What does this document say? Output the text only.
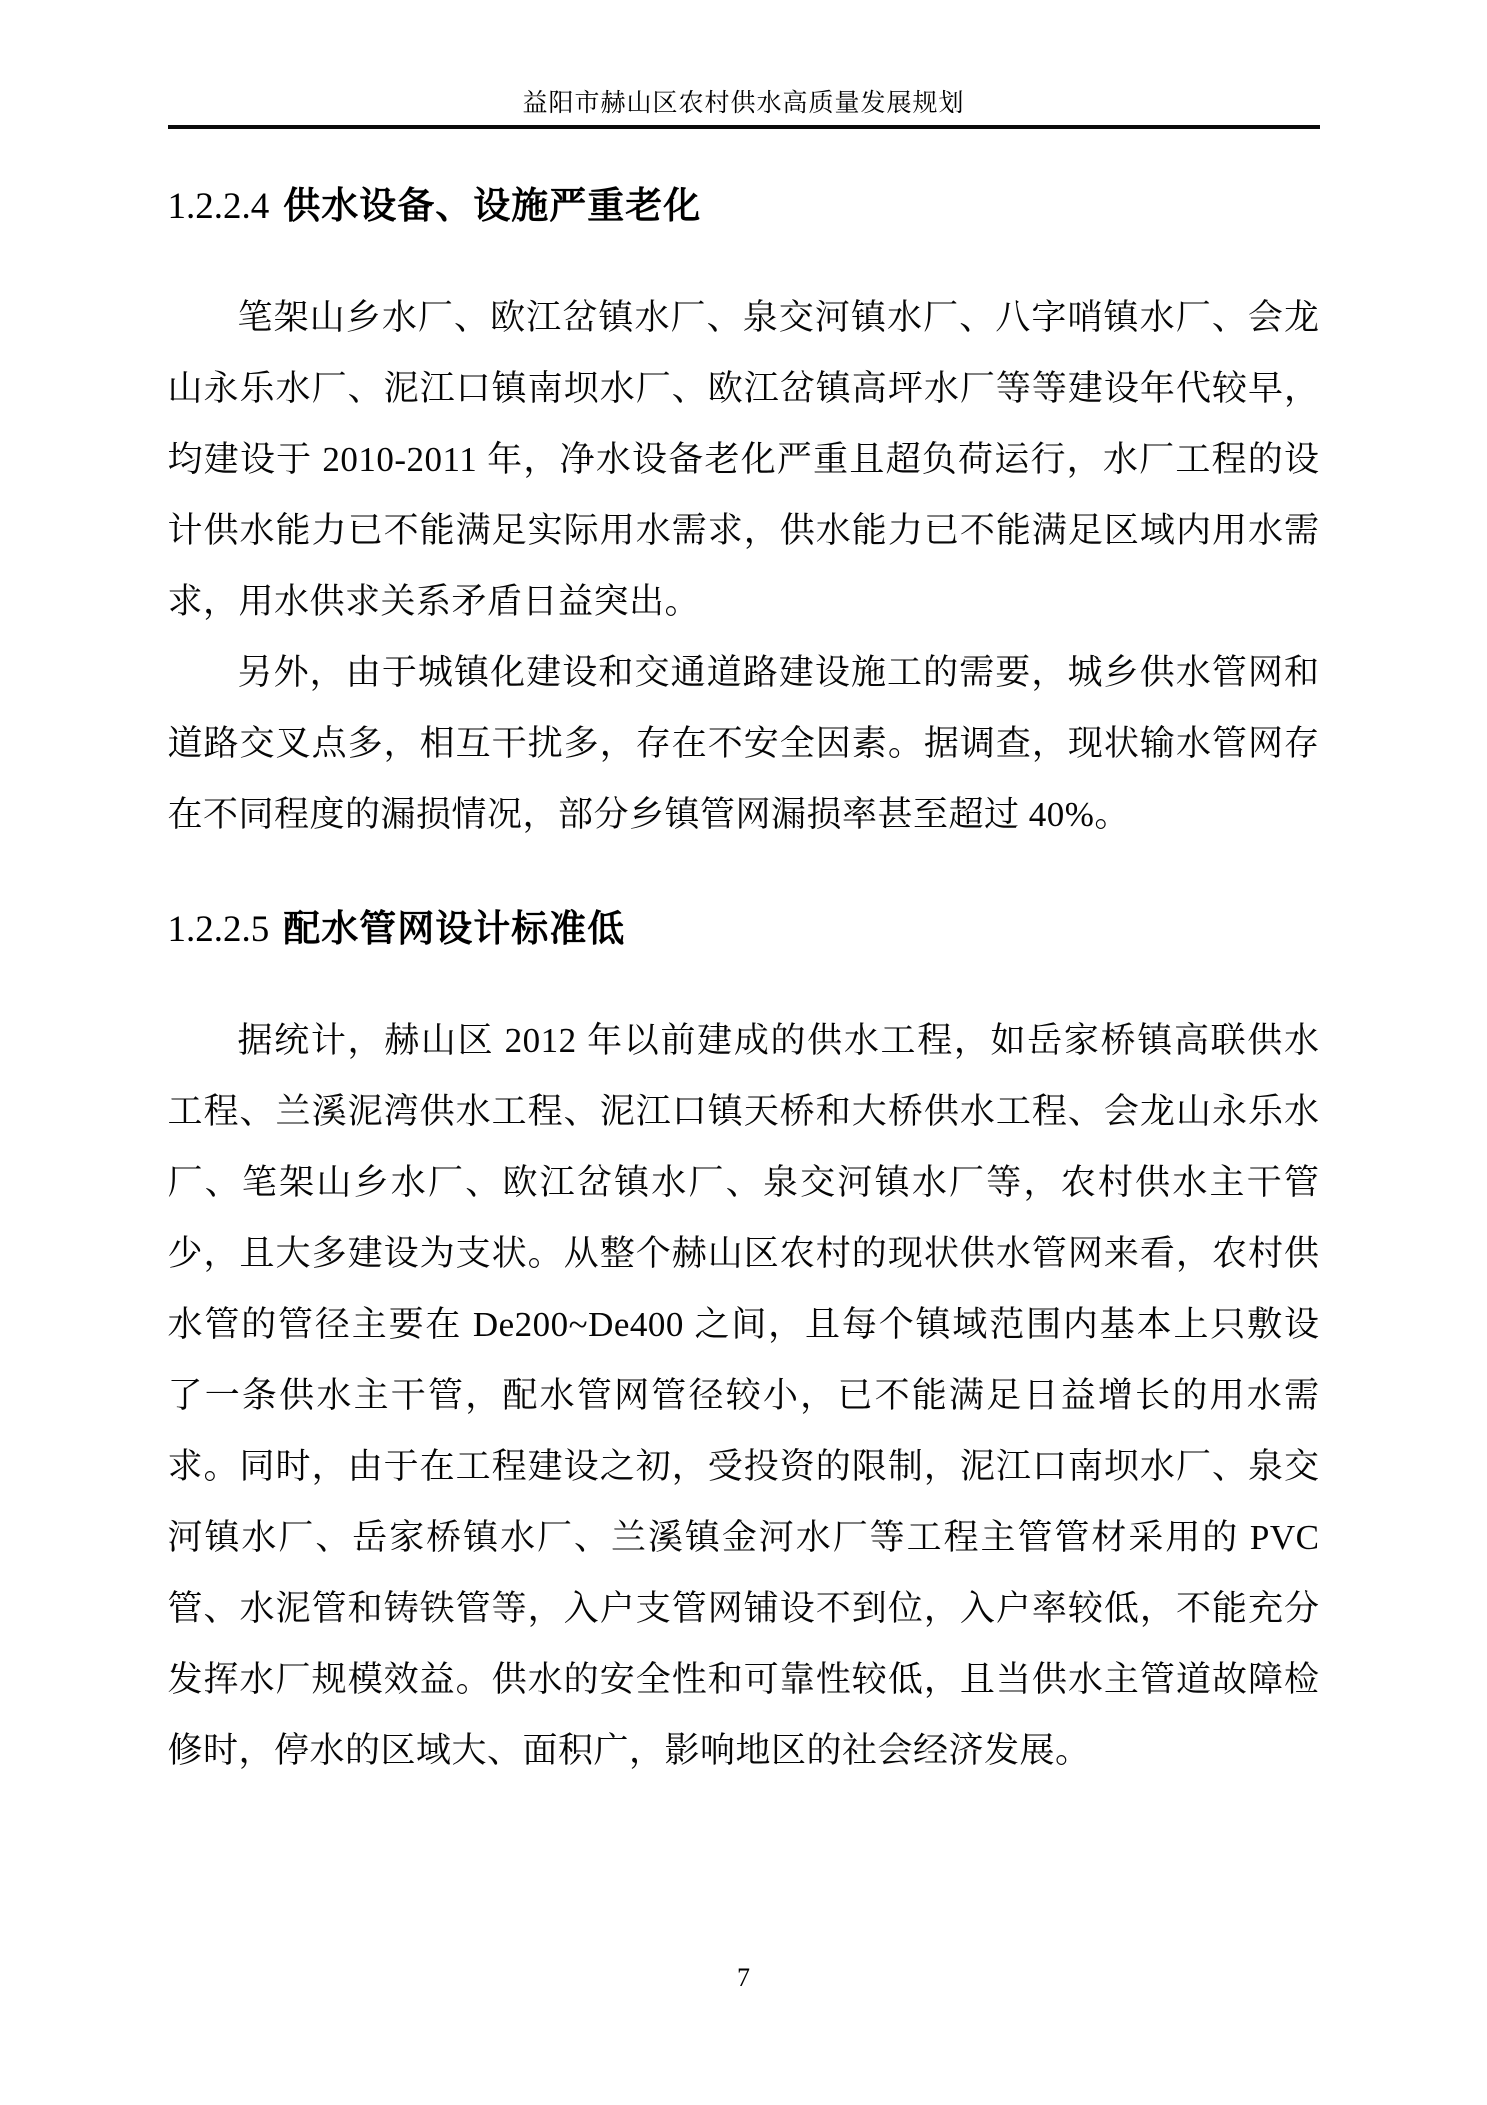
益阳市赫山区农村供水高质量发展规划
1.2.2.4 供水设备、设施严重老化

笔架山乡水厂、欧江岔镇水厂、泉交河镇水厂、八字哨镇水厂、会龙山永乐水厂、泥江口镇南坝水厂、欧江岔镇高坪水厂等等建设年代较早，均建设于 2010-2011 年，净水设备老化严重且超负荷运行，水厂工程的设计供水能力已不能满足实际用水需求，供水能力已不能满足区域内用水需求，用水供求关系矛盾日益突出。

另外，由于城镇化建设和交通道路建设施工的需要，城乡供水管网和道路交叉点多，相互干扰多，存在不安全因素。据调查，现状输水管网存在不同程度的漏损情况，部分乡镇管网漏损率甚至超过 40%。

1.2.2.5 配水管网设计标准低

据统计，赫山区 2012 年以前建成的供水工程，如岳家桥镇高联供水工程、兰溪泥湾供水工程、泥江口镇天桥和大桥供水工程、会龙山永乐水厂、笔架山乡水厂、欧江岔镇水厂、泉交河镇水厂等，农村供水主干管少，且大多建设为支状。从整个赫山区农村的现状供水管网来看，农村供水管的管径主要在 De200~De400 之间，且每个镇域范围内基本上只敷设了一条供水主干管，配水管网管径较小，已不能满足日益增长的用水需求。同时，由于在工程建设之初，受投资的限制，泥江口南坝水厂、泉交河镇水厂、岳家桥镇水厂、兰溪镇金河水厂等工程主管管材采用的 PVC 管、水泥管和铸铁管等，入户支管网铺设不到位，入户率较低，不能充分发挥水厂规模效益。供水的安全性和可靠性较低，且当供水主管道故障检修时，停水的区域大、面积广，影响地区的社会经济发展。

7
